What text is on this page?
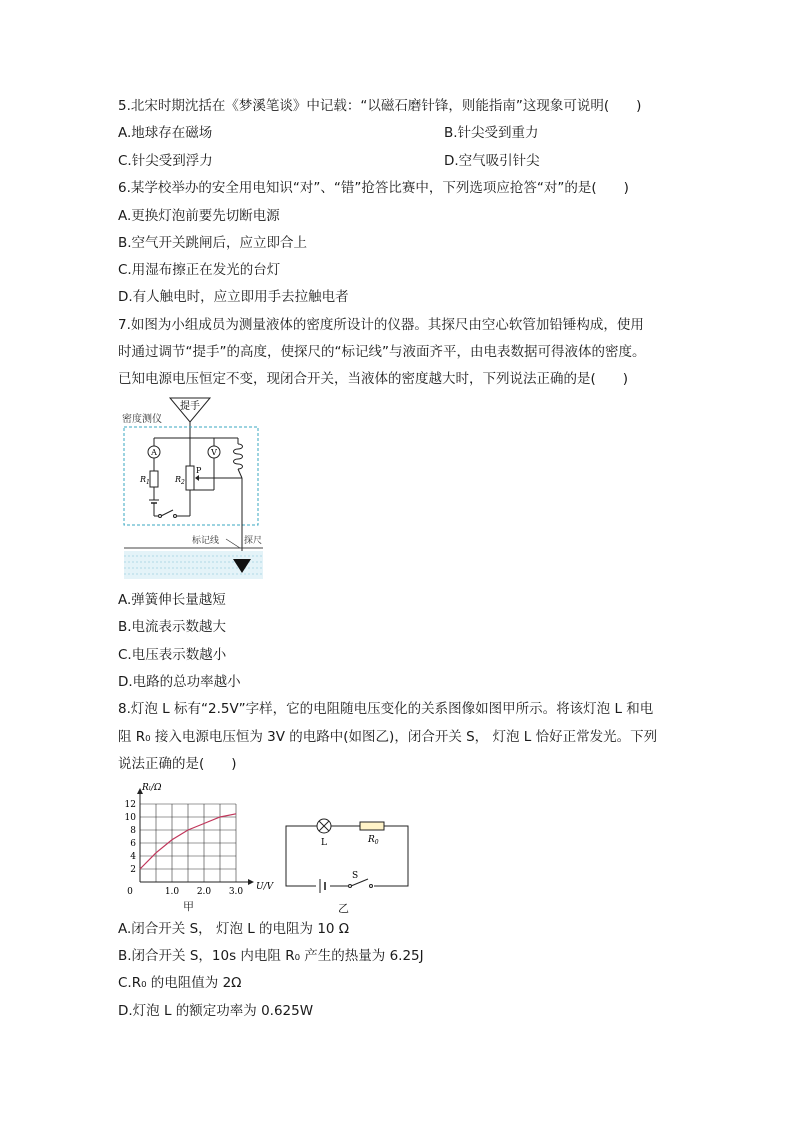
5.北宋时期沈括在《梦溪笔谈》中记载：“以磁石磨针锋，则能指南”这现象可说明(　　)
A.地球存在磁场	B.针尖受到重力
C.针尖受到浮力	D.空气吸引针尖
6.某学校举办的安全用电知识“对”、“错”抢答比赛中，下列选项应抢答“对”的是(　　)
A.更换灯泡前要先切断电源
B.空气开关跳闸后，应立即合上
C.用湿布擦正在发光的台灯
D.有人触电时，应立即用手去拉触电者
7.如图为小组成员为测量液体的密度所设计的仪器。其探尺由空心软管加铅锤构成，使用
时通过调节“提手”的高度，使探尺的“标记线”与液面齐平，由电表数据可得液体的密度。
已知电源电压恒定不变，现闭合开关，当液体的密度越大时，下列说法正确的是(　　)
提手
密度测仪
A
$R_1$	$R_2$
V
P
标记线	探尺
A.弹簧伸长量越短
B.电流表示数越大
C.电压表示数越小
D.电路的总功率越小
8.灯泡 L 标有“2.5V”字样，它的电阻随电压变化的关系图像如图甲所示。将该灯泡 L 和电
阻 R₀ 接入电源电压恒为 3V 的电路中(如图乙)，闭合开关 S， 灯泡 L 恰好正常发光。下列
说法正确的是(　　)
2
4
6
8
10
12
0	1.0 2.0 3.0
Rₗ/Ω
U/V
甲
L	$R_0$
S
乙
A.闭合开关 S， 灯泡 L 的电阻为 10 Ω
B.闭合开关 S，10s 内电阻 R₀ 产生的热量为 6.25J
C.R₀ 的电阻值为 2Ω
D.灯泡 L 的额定功率为 0.625W
